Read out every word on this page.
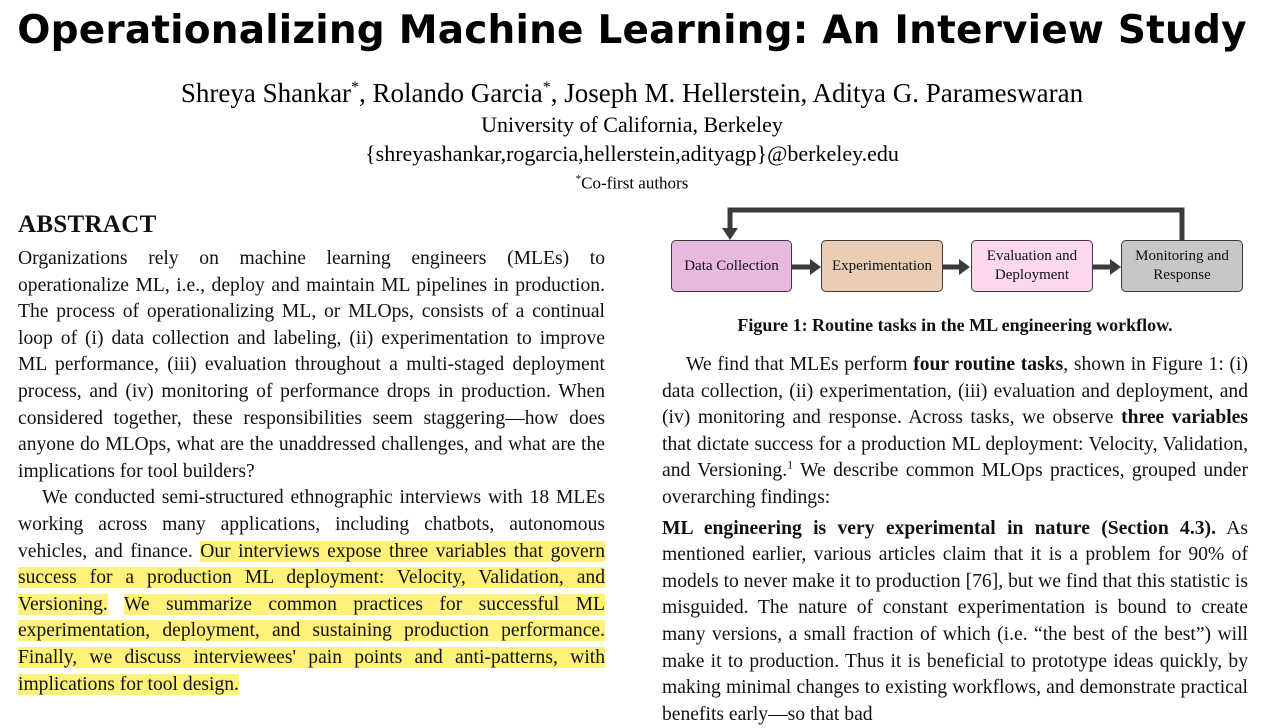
Operationalizing Machine Learning: An Interview Study
Shreya Shankar*, Rolando Garcia*, Joseph M. Hellerstein, Aditya G. Parameswaran
University of California, Berkeley
{shreyashankar,rogarcia,hellerstein,adityagp}@berkeley.edu
*Co-first authors
ABSTRACT

Organizations rely on machine learning engineers (MLEs) to operationalize ML, i.e., deploy and maintain ML pipelines in production. The process of operationalizing ML, or MLOps, consists of a continual loop of (i) data collection and labeling, (ii) experimentation to improve ML performance, (iii) evaluation throughout a multi-staged deployment process, and (iv) monitoring of performance drops in production. When considered together, these responsibilities seem staggering—how does anyone do MLOps, what are the unaddressed challenges, and what are the implications for tool builders?

We conducted semi-structured ethnographic interviews with 18 MLEs working across many applications, including chatbots, autonomous vehicles, and finance. Our interviews expose three variables that govern success for a production ML deployment: Velocity, Validation, and Versioning. We summarize common practices for successful ML experimentation, deployment, and sustaining production performance. Finally, we discuss interviewees' pain points and anti-patterns, with implications for tool design.

Data Collection	Experimentation
Evaluation and Deployment
Monitoring and Response
Figure 1: Routine tasks in the ML engineering workflow.

We find that MLEs perform four routine tasks, shown in Figure 1: (i) data collection, (ii) experimentation, (iii) evaluation and deployment, and (iv) monitoring and response. Across tasks, we observe three variables that dictate success for a production ML deployment: Velocity, Validation, and Versioning.$^1$ We describe common MLOps practices, grouped under overarching findings:

ML engineering is very experimental in nature (Section 4.3). As mentioned earlier, various articles claim that it is a problem for 90% of models to never make it to production [76], but we find that this statistic is misguided. The nature of constant experimentation is bound to create many versions, a small fraction of which (i.e. “the best of the best”) will make it to production. Thus it is beneficial to prototype ideas quickly, by making minimal changes to existing workflows, and demonstrate practical benefits early—so that bad
